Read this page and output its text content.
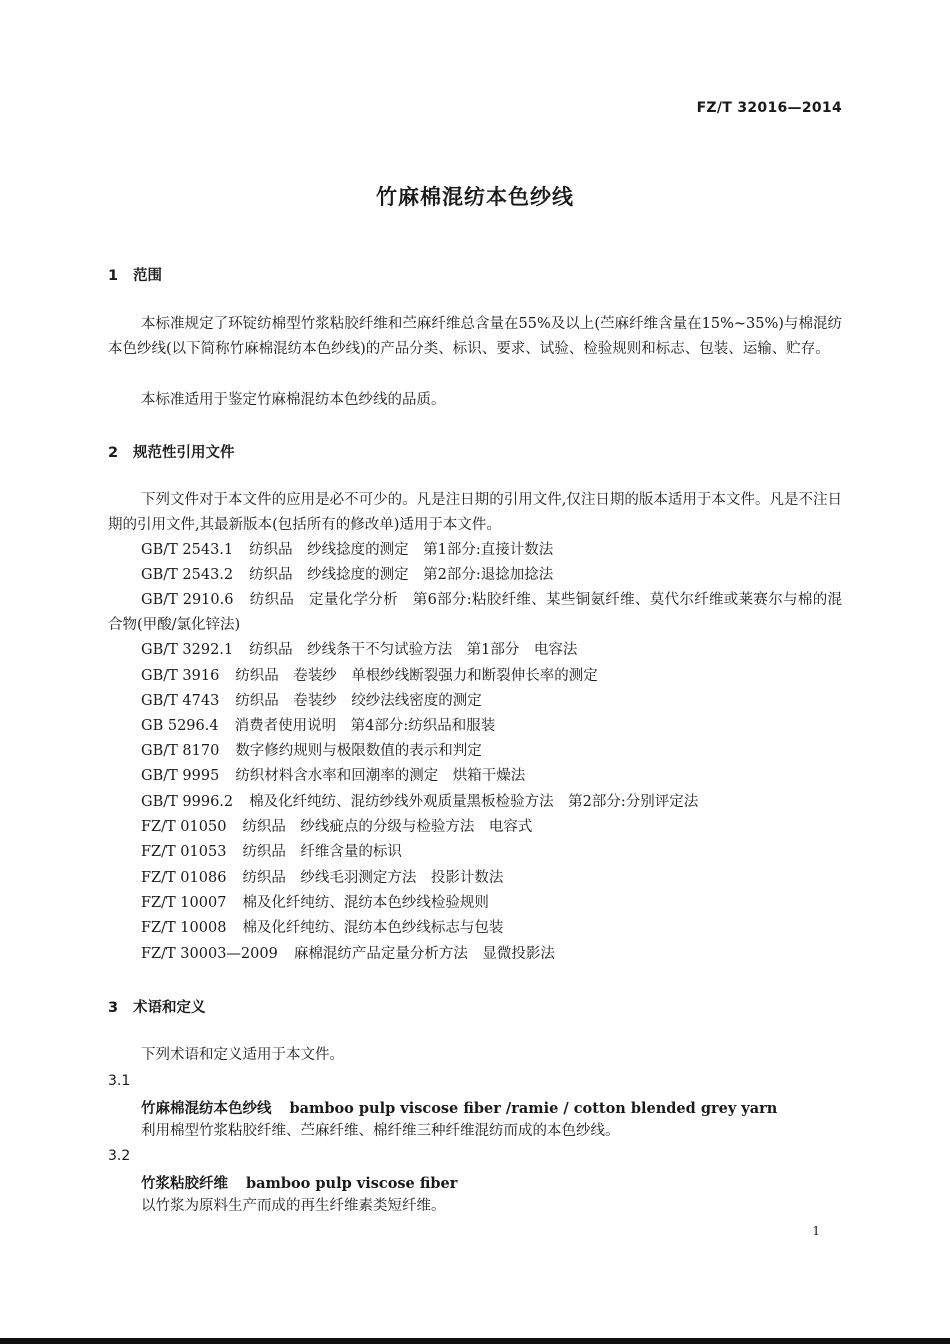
FZ/T 32016—2014
竹麻棉混纺本色纱线
1 范围
本标准规定了环锭纺棉型竹浆粘胶纤维和苎麻纤维总含量在55%及以上(苎麻纤维含量在15%~35%)与棉混纺本色纱线(以下简称竹麻棉混纺本色纱线)的产品分类、标识、要求、试验、检验规则和标志、包装、运输、贮存。
本标准适用于鉴定竹麻棉混纺本色纱线的品质。
2 规范性引用文件
下列文件对于本文件的应用是必不可少的。凡是注日期的引用文件,仅注日期的版本适用于本文件。凡是不注日期的引用文件,其最新版本(包括所有的修改单)适用于本文件。
GB/T 2543.1 纺织品　纱线捻度的测定　第1部分:直接计数法
GB/T 2543.2 纺织品　纱线捻度的测定　第2部分:退捻加捻法
GB/T 2910.6 纺织品　定量化学分析　第6部分:粘胶纤维、某些铜氨纤维、莫代尔纤维或莱赛尔与棉的混合物(甲酸/氯化锌法)
GB/T 3292.1 纺织品　纱线条干不匀试验方法　第1部分　电容法
GB/T 3916 纺织品　卷装纱　单根纱线断裂强力和断裂伸长率的测定
GB/T 4743 纺织品　卷装纱　绞纱法线密度的测定
GB 5296.4 消费者使用说明　第4部分:纺织品和服装
GB/T 8170 数字修约规则与极限数值的表示和判定
GB/T 9995 纺织材料含水率和回潮率的测定　烘箱干燥法
GB/T 9996.2 棉及化纤纯纺、混纺纱线外观质量黑板检验方法　第2部分:分别评定法
FZ/T 01050 纺织品　纱线疵点的分级与检验方法　电容式
FZ/T 01053 纺织品　纤维含量的标识
FZ/T 01086 纺织品　纱线毛羽测定方法　投影计数法
FZ/T 10007 棉及化纤纯纺、混纺本色纱线检验规则
FZ/T 10008 棉及化纤纯纺、混纺本色纱线标志与包装
FZ/T 30003—2009 麻棉混纺产品定量分析方法　显微投影法
3 术语和定义
下列术语和定义适用于本文件。
3.1
竹麻棉混纺本色纱线 bamboo pulp viscose fiber /ramie / cotton blended grey yarn
利用棉型竹浆粘胶纤维、苎麻纤维、棉纤维三种纤维混纺而成的本色纱线。
3.2
竹浆粘胶纤维 bamboo pulp viscose fiber
以竹浆为原料生产而成的再生纤维素类短纤维。
1
